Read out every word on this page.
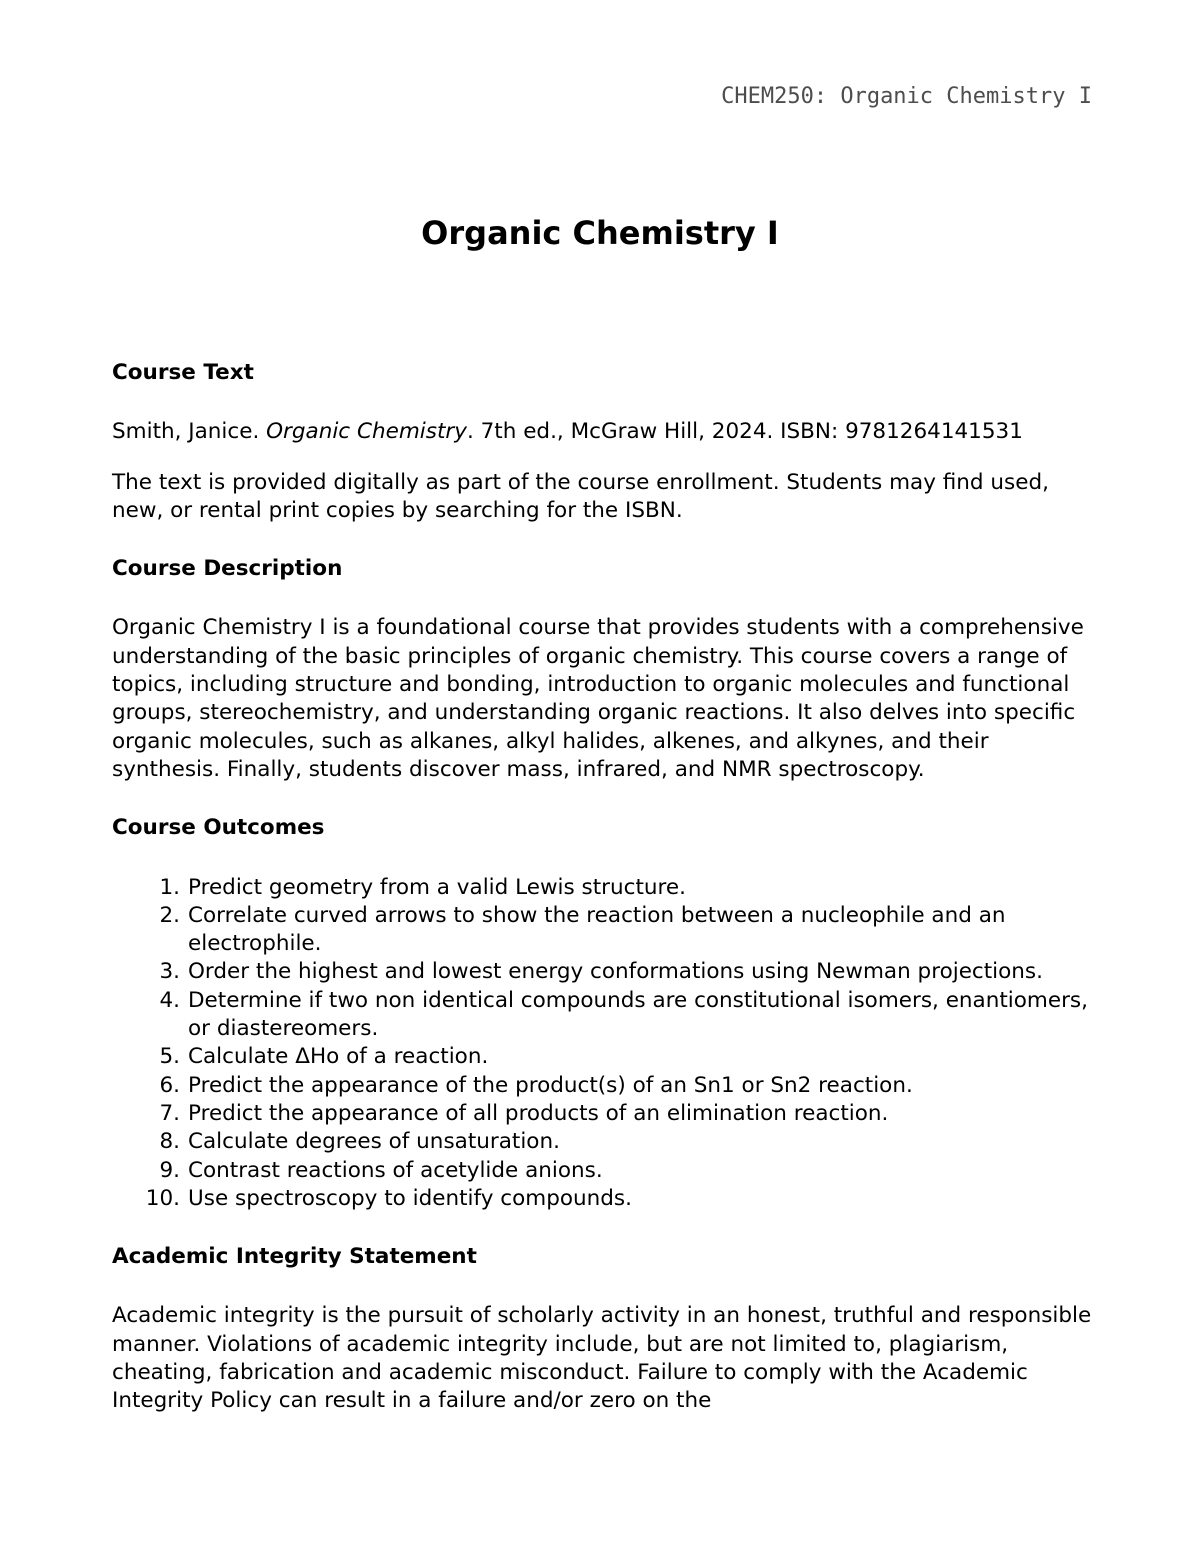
CHEM250: Organic Chemistry I
Organic Chemistry I
Course Text

Smith, Janice. Organic Chemistry. 7th ed., McGraw Hill, 2024. ISBN: 9781264141531

The text is provided digitally as part of the course enrollment. Students may find used, new, or rental print copies by searching for the ISBN.

Course Description

Organic Chemistry I is a foundational course that provides students with a comprehensive understanding of the basic principles of organic chemistry. This course covers a range of topics, including structure and bonding, introduction to organic molecules and functional groups, stereochemistry, and understanding organic reactions. It also delves into specific organic molecules, such as alkanes, alkyl halides, alkenes, and alkynes, and their synthesis. Finally, students discover mass, infrared, and NMR spectroscopy.

Course Outcomes
1. Predict geometry from a valid Lewis structure.
2. Correlate curved arrows to show the reaction between a nucleophile and an electrophile.
3. Order the highest and lowest energy conformations using Newman projections.
4. Determine if two non identical compounds are constitutional isomers, enantiomers, or diastereomers.
5. Calculate ΔHo of a reaction.
6. Predict the appearance of the product(s) of an Sn1 or Sn2 reaction.
7. Predict the appearance of all products of an elimination reaction.
8. Calculate degrees of unsaturation.
9. Contrast reactions of acetylide anions.
10. Use spectroscopy to identify compounds.
Academic Integrity Statement

Academic integrity is the pursuit of scholarly activity in an honest, truthful and responsible manner. Violations of academic integrity include, but are not limited to, plagiarism, cheating, fabrication and academic misconduct. Failure to comply with the Academic Integrity Policy can result in a failure and/or zero on the
